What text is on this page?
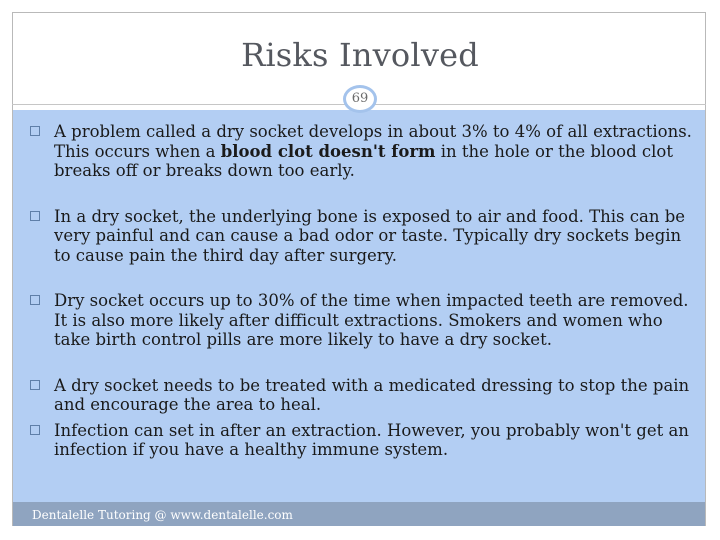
Risks Involved
69
A problem called a dry socket develops in about 3% to 4% of all extractions. This occurs when a blood clot doesn't form in the hole or the blood clot breaks off or breaks down too early.
In a dry socket, the underlying bone is exposed to air and food. This can be very painful and can cause a bad odor or taste. Typically dry sockets begin to cause pain the third day after surgery.
Dry socket occurs up to 30% of the time when impacted teeth are removed. It is also more likely after difficult extractions. Smokers and women who take birth control pills are more likely to have a dry socket.
A dry socket needs to be treated with a medicated dressing to stop the pain and encourage the area to heal.
Infection can set in after an extraction. However, you probably won't get an infection if you have a healthy immune system.
Dentalelle Tutoring @ www.dentalelle.com
